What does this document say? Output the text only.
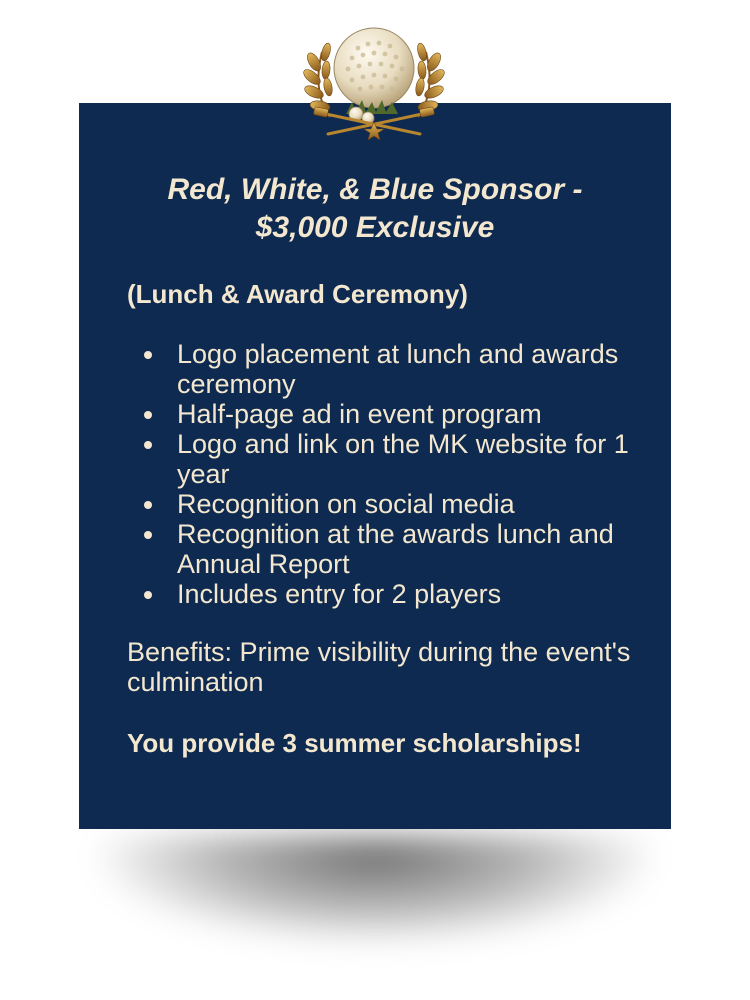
Red, White, & Blue Sponsor -
$3,000 Exclusive
(Lunch & Award Ceremony)
Logo placement at lunch and awards ceremony
Half-page ad in event program
Logo and link on the MK website for 1 year
Recognition on social media
Recognition at the awards lunch and Annual Report
Includes entry for 2 players
Benefits: Prime visibility during the event's culmination
You provide 3 summer scholarships!
